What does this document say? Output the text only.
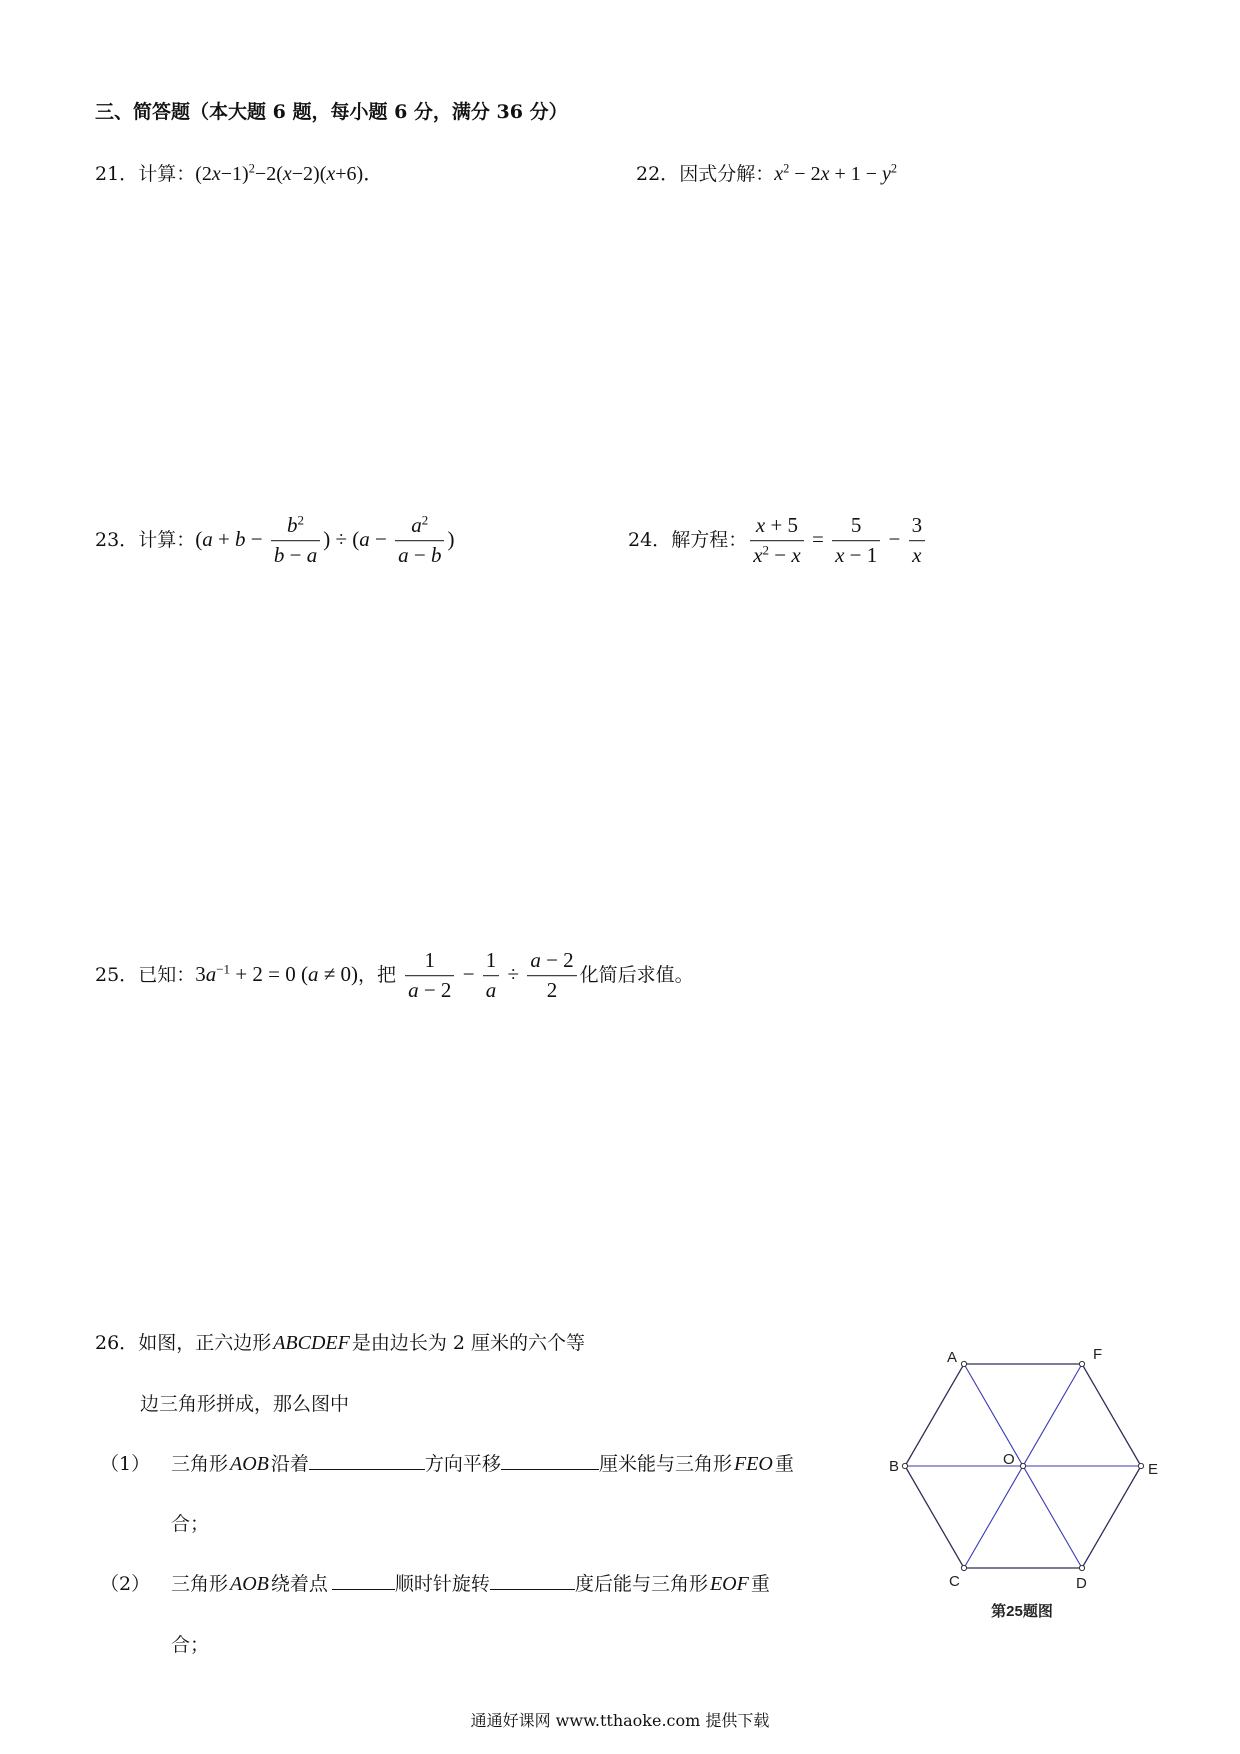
三、简答题（本大题 6 题，每小题 6 分，满分 36 分）
21．计算：$(2x-1)^2-2(x-2)(x+6)$．	22．因式分解：$x^2 - 2x + 1 - y^2$
23．计算：($a + b - \frac{b^2}{b - a}$ ) ÷ ($a - \frac{a^2}{a - b}$ )	24．解方程： $\frac{x + 5}{x^2 - x} = \frac{5}{x - 1} - \frac{3}{x}$
25．已知：$3a^{-1} + 2 = 0$ (a ≠ 0)，把 $\frac{1}{a - 2} - \frac{1}{a} \div \frac{a - 2}{2}$ 化简后求值。
26．如图，正六边形 ABCDEF 是由边长为 2 厘米的六个等
边三角形拼成，那么图中
（1） 三角形 AOB 沿着	方向平移	厘米能与三角形 FEO 重
合；
（2） 三角形 AOB 绕着点	顺时针旋转	度后能与三角形 EOF 重
合；
A	F
B	E
C	D
O
第25题图
通通好课网 www.tthaoke.com 提供下载
